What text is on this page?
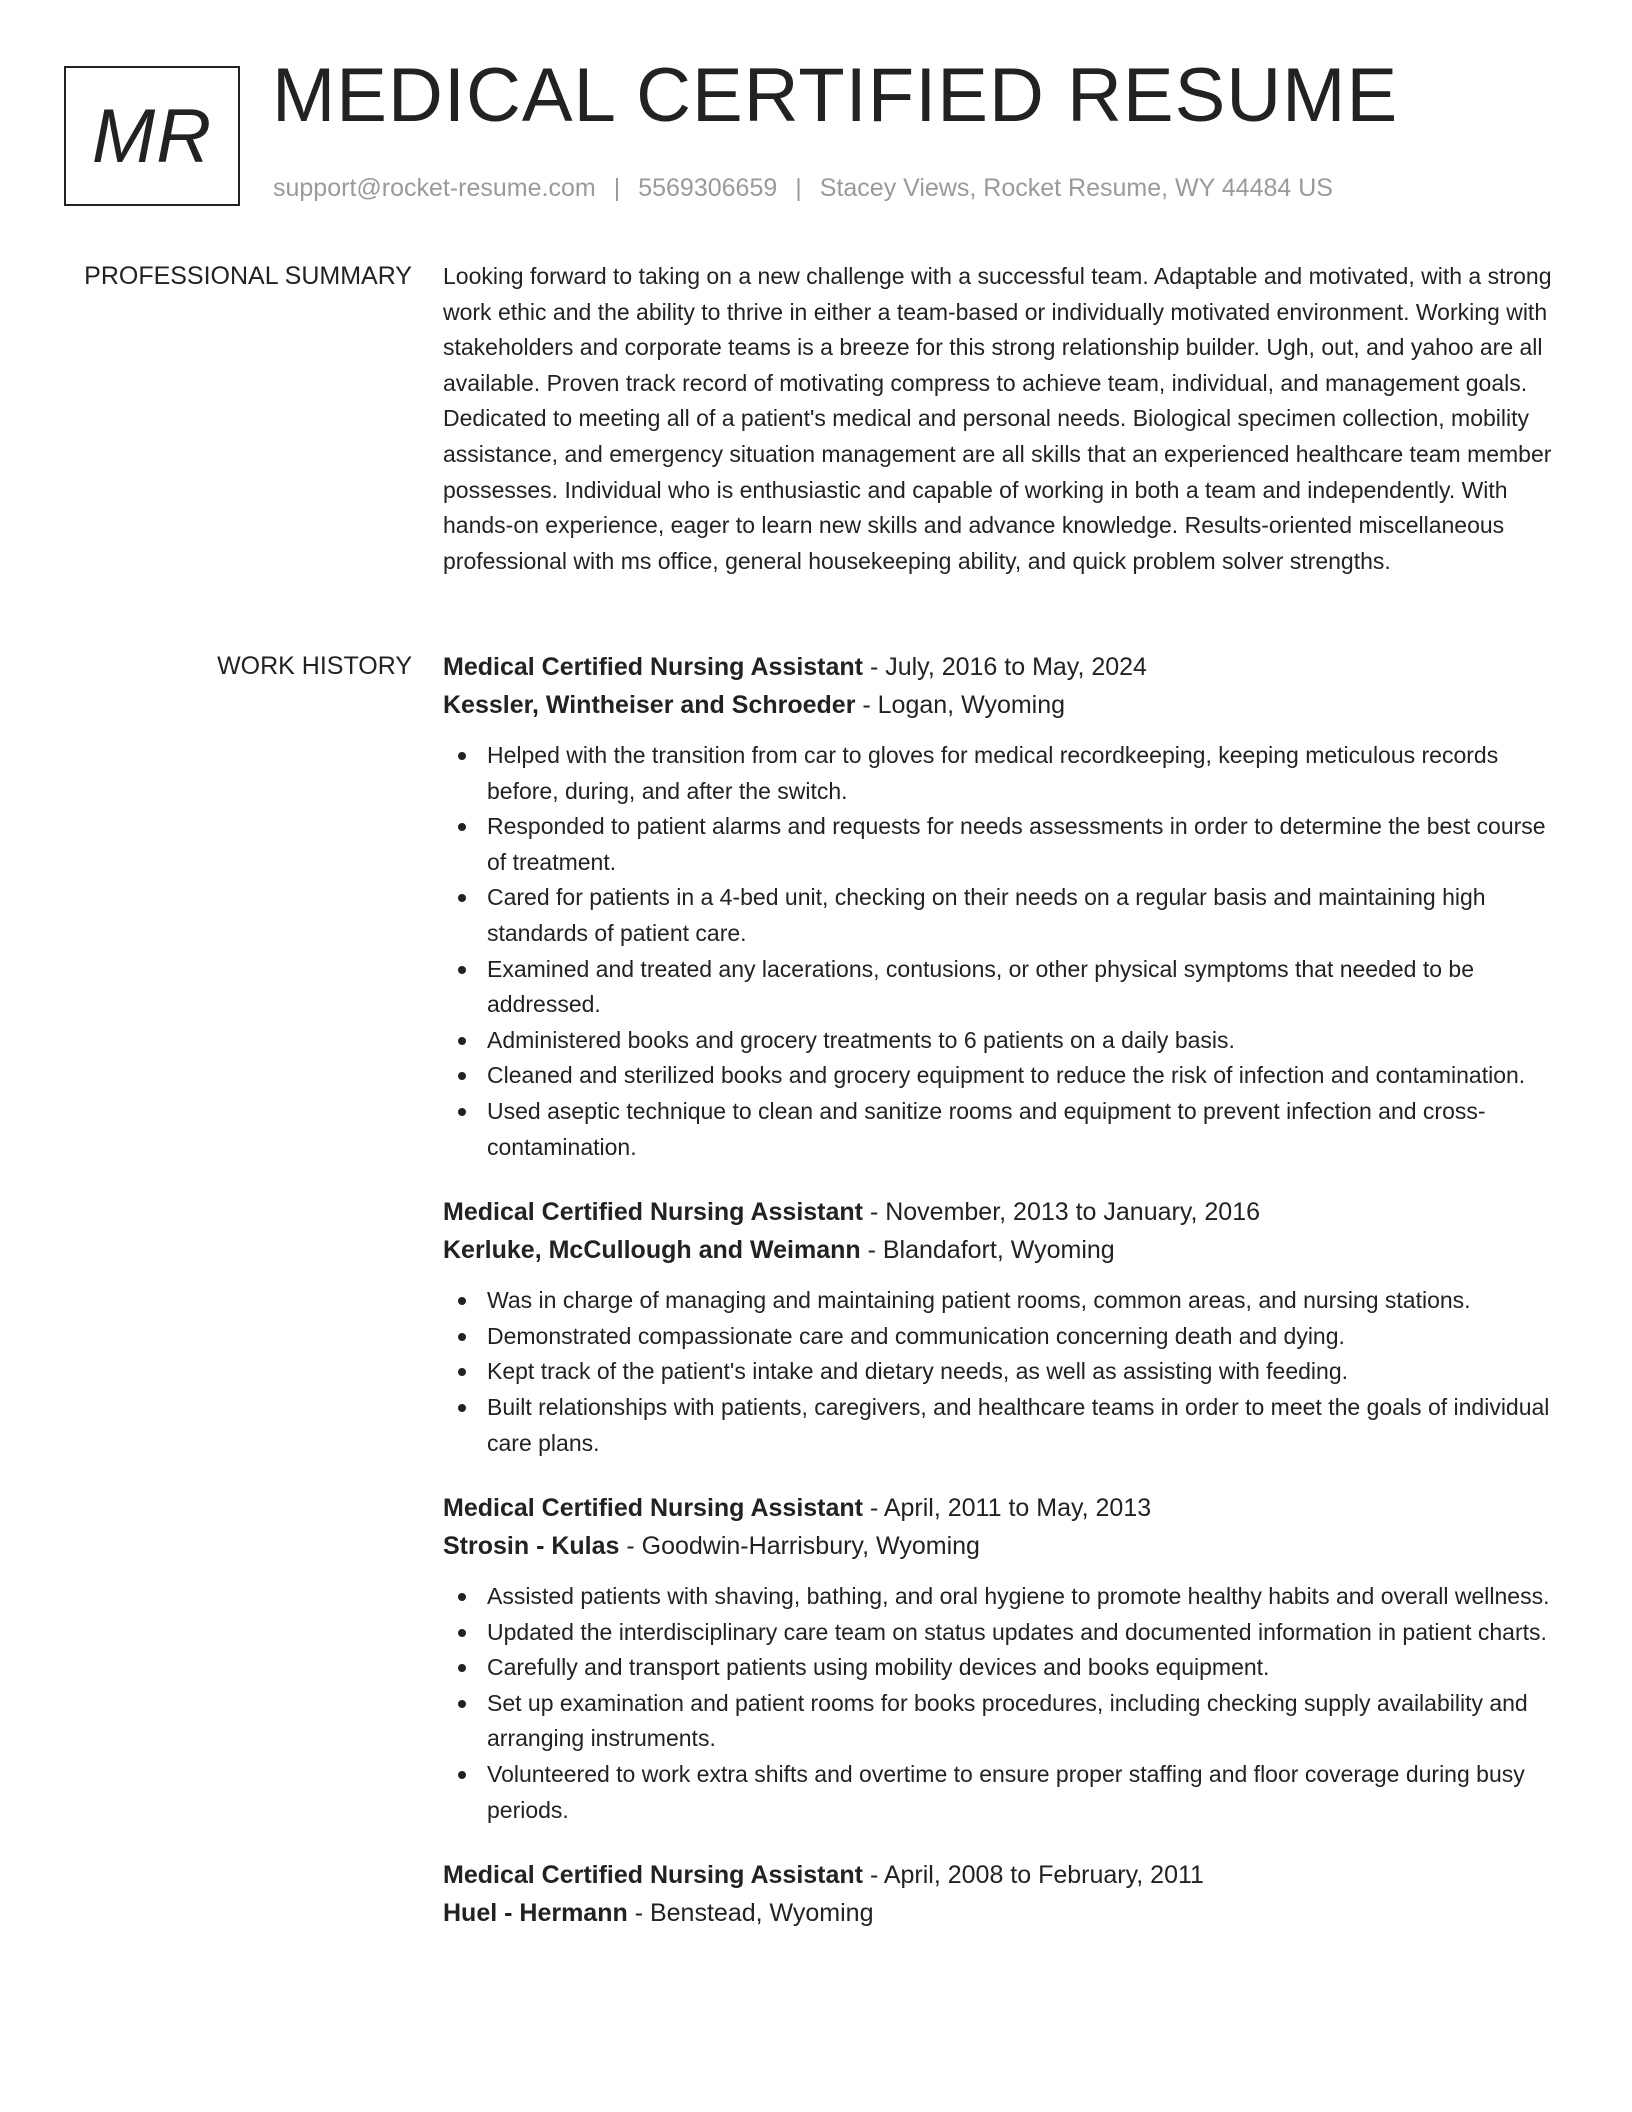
MR MEDICAL CERTIFIED RESUME
support@rocket-resume.com | 5569306659 | Stacey Views, Rocket Resume, WY 44484 US
PROFESSIONAL SUMMARY Looking forward to taking on a new challenge with a successful team. Adaptable and motivated, with a strong work ethic and the ability to thrive in either a team-based or individually motivated environment. Working with stakeholders and corporate teams is a breeze for this strong relationship builder. Ugh, out, and yahoo are all available. Proven track record of motivating compress to achieve team, individual, and management goals. Dedicated to meeting all of a patient's medical and personal needs. Biological specimen collection, mobility assistance, and emergency situation management are all skills that an experienced healthcare team member possesses. Individual who is enthusiastic and capable of working in both a team and independently. With hands-on experience, eager to learn new skills and advance knowledge. Results-oriented miscellaneous professional with ms office, general housekeeping ability, and quick problem solver strengths.

WORK HISTORY Medical Certified Nursing Assistant - July, 2016 to May, 2024
Kessler, Wintheiser and Schroeder - Logan, Wyoming
Helped with the transition from car to gloves for medical recordkeeping, keeping meticulous records before, during, and after the switch.
Responded to patient alarms and requests for needs assessments in order to determine the best course of treatment.
Cared for patients in a 4-bed unit, checking on their needs on a regular basis and maintaining high standards of patient care.
Examined and treated any lacerations, contusions, or other physical symptoms that needed to be addressed.
Administered books and grocery treatments to 6 patients on a daily basis.
Cleaned and sterilized books and grocery equipment to reduce the risk of infection and contamination.
Used aseptic technique to clean and sanitize rooms and equipment to prevent infection and cross-contamination.
Medical Certified Nursing Assistant - November, 2013 to January, 2016
Kerluke, McCullough and Weimann - Blandafort, Wyoming
Was in charge of managing and maintaining patient rooms, common areas, and nursing stations.
Demonstrated compassionate care and communication concerning death and dying.
Kept track of the patient's intake and dietary needs, as well as assisting with feeding.
Built relationships with patients, caregivers, and healthcare teams in order to meet the goals of individual care plans.
Medical Certified Nursing Assistant - April, 2011 to May, 2013
Strosin - Kulas - Goodwin-Harrisbury, Wyoming
Assisted patients with shaving, bathing, and oral hygiene to promote healthy habits and overall wellness.
Updated the interdisciplinary care team on status updates and documented information in patient charts.
Carefully and transport patients using mobility devices and books equipment.
Set up examination and patient rooms for books procedures, including checking supply availability and arranging instruments.
Volunteered to work extra shifts and overtime to ensure proper staffing and floor coverage during busy periods.
Medical Certified Nursing Assistant - April, 2008 to February, 2011
Huel - Hermann - Benstead, Wyoming
